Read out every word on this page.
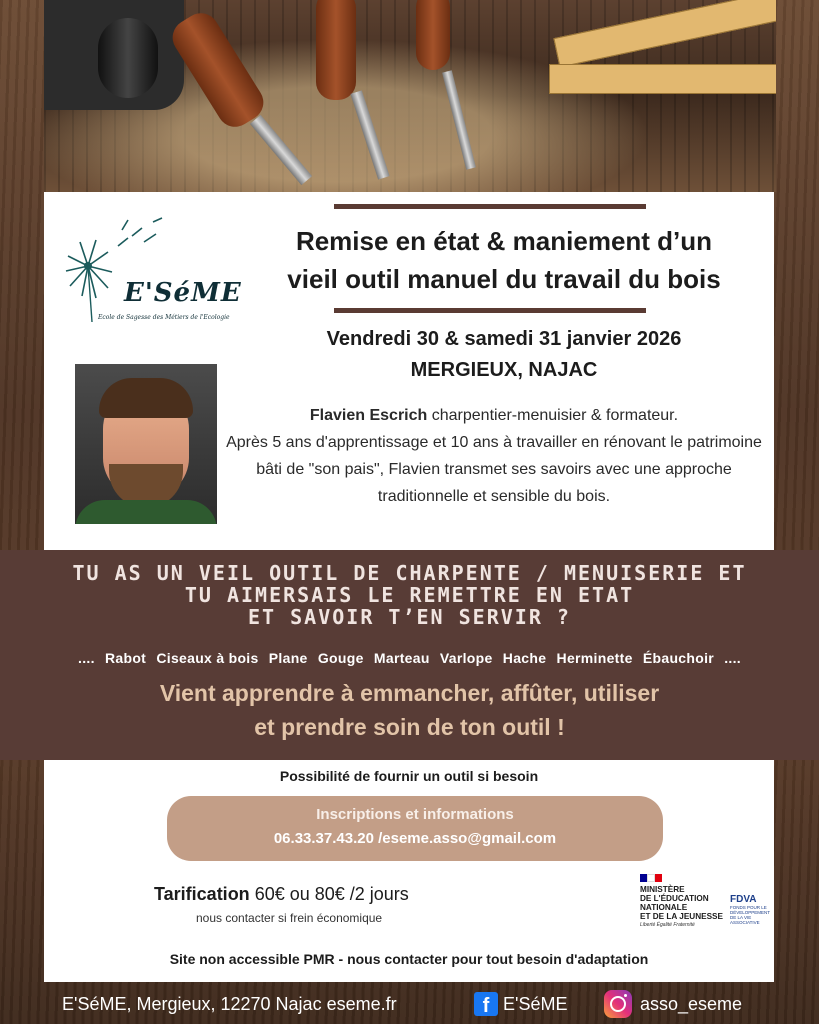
Remise en état & maniement d’un
vieil outil manuel du travail du bois
E'SéME
Ecole de Sagesse des Métiers de l'Ecologie
Vendredi 30 & samedi 31 janvier 2026
MERGIEUX, NAJAC
Flavien Escrich charpentier-menuisier & formateur.
Après 5 ans d'apprentissage et 10 ans à travailler en rénovant le patrimoine bâti de "son pais", Flavien transmet ses savoirs avec une approche traditionnelle et sensible du bois.
TU AS UN VEIL OUTIL DE CHARPENTE / MENUISERIE ET
TU AIMERSAIS LE REMETTRE EN ETAT
ET SAVOIR T’EN SERVIR ?
.... Rabot Ciseaux à bois Plane Gouge Marteau Varlope Hache Herminette Ébauchoir ....
Vient apprendre à emmancher, affûter, utiliser
et prendre soin de ton outil !
Possibilité de fournir un outil si besoin
Inscriptions et informations
06.33.37.43.20 /eseme.asso@gmail.com
Tarification 60€ ou 80€ /2 jours
nous contacter si frein économique
MINISTÈRE
DE L'ÉDUCATION
NATIONALE
ET DE LA JEUNESSE
Liberté Égalité Fraternité
FDVA
FONDS POUR LE DÉVELOPPEMENT DE LA VIE ASSOCIATIVE
Site non accessible PMR - nous contacter pour tout besoin d'adaptation
E'SéME, Mergieux, 12270 Najac eseme.fr	f E'SéME	asso_eseme
